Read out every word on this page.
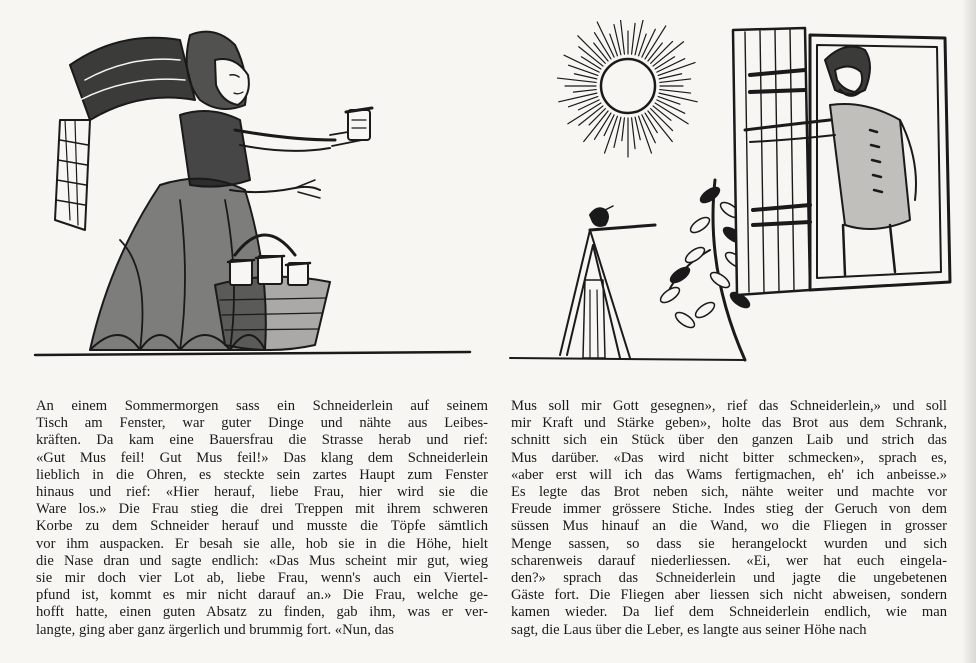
An einem Sommermorgen sass ein Schneiderlein auf seinem
Tisch am Fenster, war guter Dinge und nähte aus Leibes-
kräften. Da kam eine Bauersfrau die Strasse herab und rief:
«Gut Mus feil! Gut Mus feil!» Das klang dem Schneiderlein
lieblich in die Ohren, es steckte sein zartes Haupt zum Fenster
hinaus und rief: «Hier herauf, liebe Frau, hier wird sie die
Ware los.» Die Frau stieg die drei Treppen mit ihrem schweren
Korbe zu dem Schneider herauf und musste die Töpfe sämtlich
vor ihm auspacken. Er besah sie alle, hob sie in die Höhe, hielt
die Nase dran und sagte endlich: «Das Mus scheint mir gut, wieg
sie mir doch vier Lot ab, liebe Frau, wenn's auch ein Viertel-
pfund ist, kommt es mir nicht darauf an.» Die Frau, welche ge-
hofft hatte, einen guten Absatz zu finden, gab ihm, was er ver-
langte, ging aber ganz ärgerlich und brummig fort. «Nun, das
Mus soll mir Gott gesegnen», rief das Schneiderlein,» und soll
mir Kraft und Stärke geben», holte das Brot aus dem Schrank,
schnitt sich ein Stück über den ganzen Laib und strich das
Mus darüber. «Das wird nicht bitter schmecken», sprach es,
«aber erst will ich das Wams fertigmachen, eh' ich anbeisse.»
Es legte das Brot neben sich, nähte weiter und machte vor
Freude immer grössere Stiche. Indes stieg der Geruch von dem
süssen Mus hinauf an die Wand, wo die Fliegen in grosser
Menge sassen, so dass sie herangelockt wurden und sich
scharenweis darauf niederliessen. «Ei, wer hat euch eingela-
den?» sprach das Schneiderlein und jagte die ungebetenen
Gäste fort. Die Fliegen aber liessen sich nicht abweisen, sondern
kamen wieder. Da lief dem Schneiderlein endlich, wie man
sagt, die Laus über die Leber, es langte aus seiner Höhe nach
